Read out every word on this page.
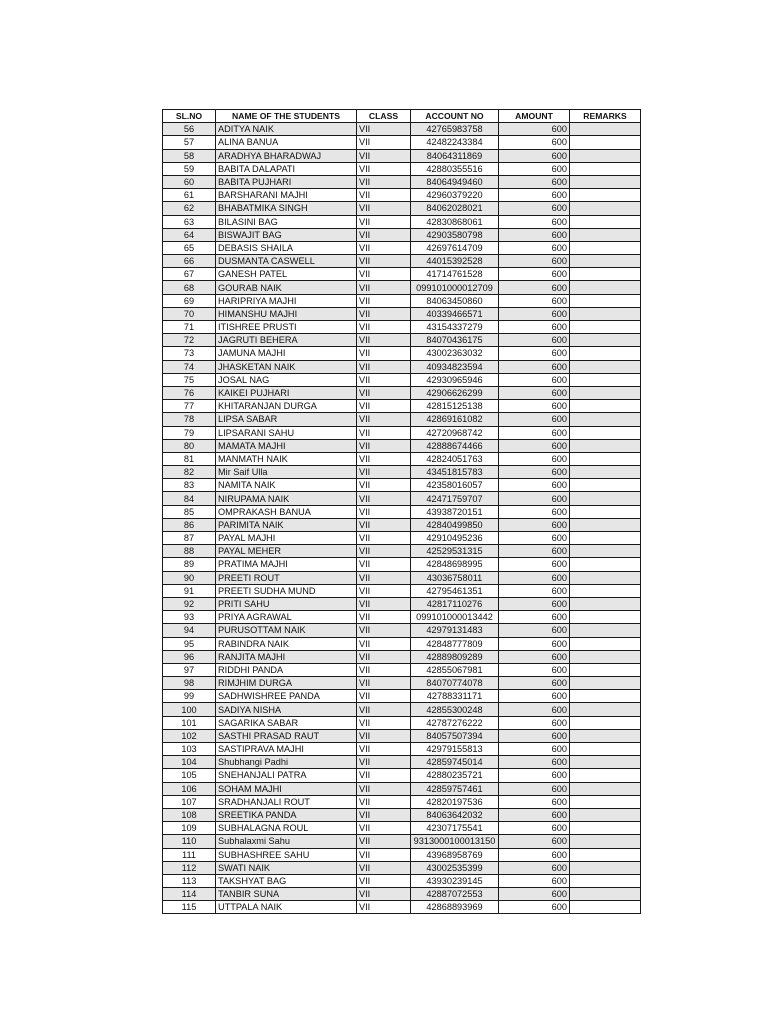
SL.NO	NAME OF THE STUDENTS	CLASS	ACCOUNT NO	AMOUNT	REMARKS
56	ADITYA NAIK	VII	42765983758	600	
57	ALINA BANUA	VII	42482243384	600	
58	ARADHYA BHARADWAJ	VII	84064311869	600	
59	BABITA DALAPATI	VII	42880355516	600	
60	BABITA PUJHARI	VII	84064949460	600	
61	BARSHARANI MAJHI	VII	42960379220	600	
62	BHABATMIKA SINGH	VII	84062028021	600	
63	BILASINI BAG	VII	42830868061	600	
64	BISWAJIT BAG	VII	42903580798	600	
65	DEBASIS SHAILA	VII	42697614709	600	
66	DUSMANTA CASWELL	VII	44015392528	600	
67	GANESH PATEL	VII	41714761528	600	
68	GOURAB NAIK	VII	099101000012709	600	
69	HARIPRIYA MAJHI	VII	84063450860	600	
70	HIMANSHU MAJHI	VII	40339466571	600	
71	ITISHREE PRUSTI	VII	43154337279	600	
72	JAGRUTI BEHERA	VII	84070436175	600	
73	JAMUNA MAJHI	VII	43002363032	600	
74	JHASKETAN NAIK	VII	40934823594	600	
75	JOSAL NAG	VII	42930965946	600	
76	KAIKEI PUJHARI	VII	42906626299	600	
77	KHITARANJAN DURGA	VII	42815125138	600	
78	LIPSA SABAR	VII	42869161082	600	
79	LIPSARANI SAHU	VII	42720968742	600	
80	MAMATA MAJHI	VII	42888674466	600	
81	MANMATH NAIK	VII	42824051763	600	
82	Mir Saif Ulla	VII	43451815783	600	
83	NAMITA NAIK	VII	42358016057	600	
84	NIRUPAMA NAIK	VII	42471759707	600	
85	OMPRAKASH BANUA	VII	43938720151	600	
86	PARIMITA NAIK	VII	42840499850	600	
87	PAYAL MAJHI	VII	42910495236	600	
88	PAYAL MEHER	VII	42529531315	600	
89	PRATIMA MAJHI	VII	42848698995	600	
90	PREETI ROUT	VII	43036758011	600	
91	PREETI SUDHA MUND	VII	42795461351	600	
92	PRITI SAHU	VII	42817110276	600	
93	PRIYA AGRAWAL	VII	099101000013442	600	
94	PURUSOTTAM NAIK	VII	42979131483	600	
95	RABINDRA NAIK	VII	42848777809	600	
96	RANJITA MAJHI	VII	42889809289	600	
97	RIDDHI PANDA	VII	42855067981	600	
98	RIMJHIM DURGA	VII	84070774078	600	
99	SADHWISHREE PANDA	VII	42788331171	600	
100	SADIYA NISHA	VII	42855300248	600	
101	SAGARIKA SABAR	VII	42787276222	600	
102	SASTHI PRASAD RAUT	VII	84057507394	600	
103	SASTIPRAVA MAJHI	VII	42979155813	600	
104	Shubhangi Padhi	VII	42859745014	600	
105	SNEHANJALI PATRA	VII	42880235721	600	
106	SOHAM MAJHI	VII	42859757461	600	
107	SRADHANJALI ROUT	VII	42820197536	600	
108	SREETIKA PANDA	VII	84063642032	600	
109	SUBHALAGNA ROUL	VII	42307175541	600	
110	Subhalaxmi Sahu	VII	9313000100013150	600	
111	SUBHASHREE SAHU	VII	43968958769	600	
112	SWATI NAIK	VII	43002535399	600	
113	TAKSHYAT BAG	VII	43930239145	600	
114	TANBIR SUNA	VII	42887072553	600	
115	UTTPALA NAIK	VII	42868893969	600	
